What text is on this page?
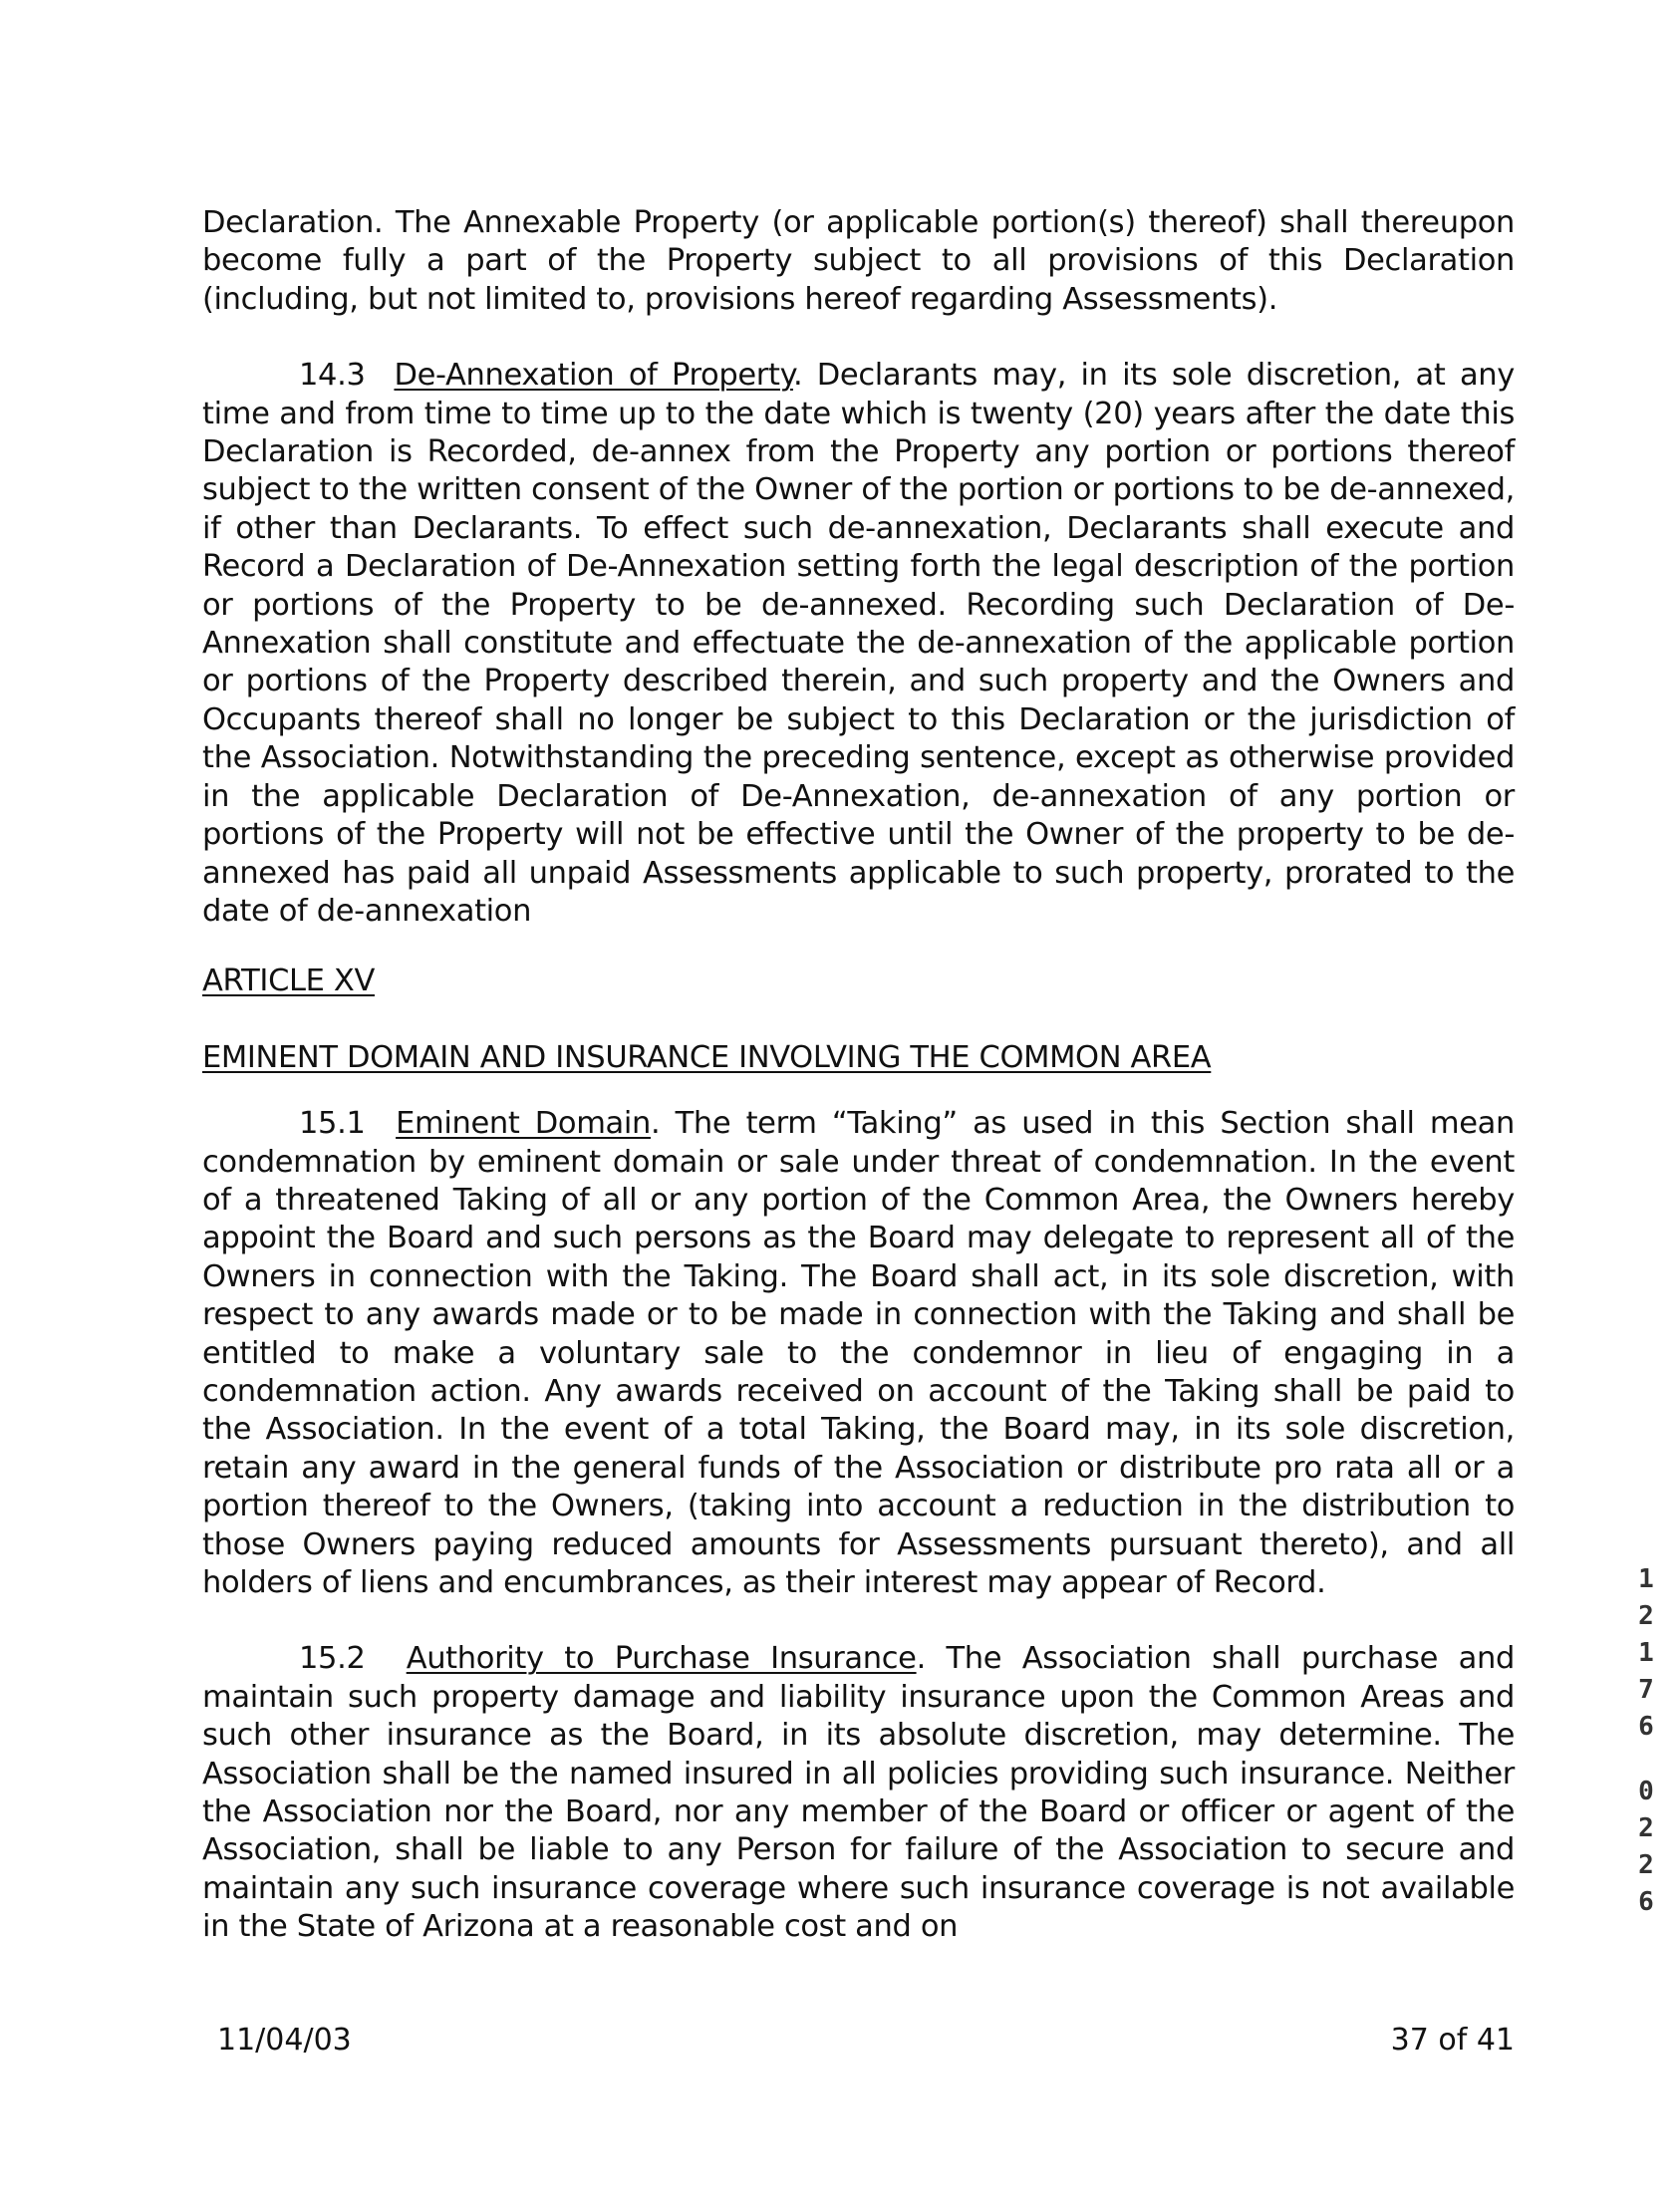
Declaration. The Annexable Property (or applicable portion(s) thereof) shall thereupon become fully a part of the Property subject to all provisions of this Declaration (including, but not limited to, provisions hereof regarding Assessments).

14.3 De-Annexation of Property. Declarants may, in its sole discretion, at any time and from time to time up to the date which is twenty (20) years after the date this Declaration is Recorded, de-annex from the Property any portion or portions thereof subject to the written consent of the Owner of the portion or portions to be de-annexed, if other than Declarants. To effect such de-annexation, Declarants shall execute and Record a Declaration of De-Annexation setting forth the legal description of the portion or portions of the Property to be de-annexed. Recording such Declaration of De-Annexation shall constitute and effectuate the de-annexation of the applicable portion or portions of the Property described therein, and such property and the Owners and Occupants thereof shall no longer be subject to this Declaration or the jurisdiction of the Association. Notwithstanding the preceding sentence, except as otherwise provided in the applicable Declaration of De-Annexation, de-annexation of any portion or portions of the Property will not be effective until the Owner of the property to be de-annexed has paid all unpaid Assessments applicable to such property, prorated to the date of de-annexation

ARTICLE XV

EMINENT DOMAIN AND INSURANCE INVOLVING THE COMMON AREA

15.1 Eminent Domain. The term “Taking” as used in this Section shall mean condemnation by eminent domain or sale under threat of condemnation. In the event of a threatened Taking of all or any portion of the Common Area, the Owners hereby appoint the Board and such persons as the Board may delegate to represent all of the Owners in connection with the Taking. The Board shall act, in its sole discretion, with respect to any awards made or to be made in connection with the Taking and shall be entitled to make a voluntary sale to the condemnor in lieu of engaging in a condemnation action. Any awards received on account of the Taking shall be paid to the Association. In the event of a total Taking, the Board may, in its sole discretion, retain any award in the general funds of the Association or distribute pro rata all or a portion thereof to the Owners, (taking into account a reduction in the distribution to those Owners paying reduced amounts for Assessments pursuant thereto), and all holders of liens and encumbrances, as their interest may appear of Record.

15.2 Authority to Purchase Insurance. The Association shall purchase and maintain such property damage and liability insurance upon the Common Areas and such other insurance as the Board, in its absolute discretion, may determine. The Association shall be the named insured in all policies providing such insurance. Neither the Association nor the Board, nor any member of the Board or officer or agent of the Association, shall be liable to any Person for failure of the Association to secure and maintain any such insurance coverage where such insurance coverage is not available in the State of Arizona at a reasonable cost and on

11/04/03	37 of 41
1
2
1
7
6
0
2
2
6
